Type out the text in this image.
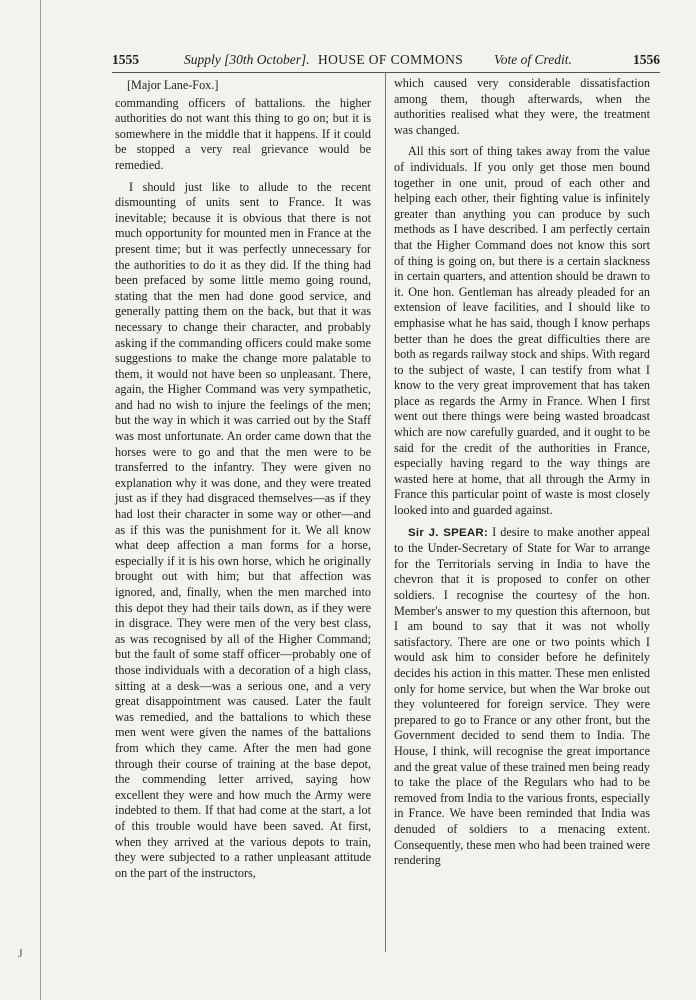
J
1555	Supply [30th October]. HOUSE OF COMMONS Vote of Credit.	1556
[Major Lane-Fox.]

commanding officers of battalions. the higher authorities do not want this thing to go on; but it is somewhere in the middle that it happens. If it could be stopped a very real grievance would be remedied.

I should just like to allude to the recent dismounting of units sent to France. It was inevitable; because it is obvious that there is not much opportunity for mounted men in France at the present time; but it was perfectly unnecessary for the authorities to do it as they did. If the thing had been prefaced by some little memo going round, stating that the men had done good service, and generally patting them on the back, but that it was necessary to change their character, and probably asking if the commanding officers could make some suggestions to make the change more palatable to them, it would not have been so unpleasant. There, again, the Higher Command was very sympathetic, and had no wish to injure the feelings of the men; but the way in which it was carried out by the Staff was most unfortunate. An order came down that the horses were to go and that the men were to be transferred to the infantry. They were given no explanation why it was done, and they were treated just as if they had disgraced themselves—as if they had lost their character in some way or other—and as if this was the punishment for it. We all know what deep affection a man forms for a horse, especially if it is his own horse, which he originally brought out with him; but that affection was ignored, and, finally, when the men marched into this depot they had their tails down, as if they were in disgrace. They were men of the very best class, as was recognised by all of the Higher Command; but the fault of some staff officer—probably one of those individuals with a decoration of a high class, sitting at a desk—was a serious one, and a very great disappointment was caused. Later the fault was remedied, and the battalions to which these men went were given the names of the battalions from which they came. After the men had gone through their course of training at the base depot, the commending letter arrived, saying how excellent they were and how much the Army were indebted to them. If that had come at the start, a lot of this trouble would have been saved. At first, when they arrived at the various depots to train, they were subjected to a rather unpleasant attitude on the part of the instructors,

which caused very considerable dissatisfaction among them, though afterwards, when the authorities realised what they were, the treatment was changed.

All this sort of thing takes away from the value of individuals. If you only get those men bound together in one unit, proud of each other and helping each other, their fighting value is infinitely greater than anything you can produce by such methods as I have described. I am perfectly certain that the Higher Command does not know this sort of thing is going on, but there is a certain slackness in certain quarters, and attention should be drawn to it. One hon. Gentleman has already pleaded for an extension of leave facilities, and I should like to emphasise what he has said, though I know perhaps better than he does the great difficulties there are both as regards railway stock and ships. With regard to the subject of waste, I can testify from what I know to the very great improvement that has taken place as regards the Army in France. When I first went out there things were being wasted broadcast which are now carefully guarded, and it ought to be said for the credit of the authorities in France, especially having regard to the way things are wasted here at home, that all through the Army in France this particular point of waste is most closely looked into and guarded against.

Sir J. SPEAR: I desire to make another appeal to the Under-Secretary of State for War to arrange for the Territorials serving in India to have the chevron that it is proposed to confer on other soldiers. I recognise the courtesy of the hon. Member's answer to my question this afternoon, but I am bound to say that it was not wholly satisfactory. There are one or two points which I would ask him to consider before he definitely decides his action in this matter. These men enlisted only for home service, but when the War broke out they volunteered for foreign service. They were prepared to go to France or any other front, but the Government decided to send them to India. The House, I think, will recognise the great importance and the great value of these trained men being ready to take the place of the Regulars who had to be removed from India to the various fronts, especially in France. We have been reminded that India was denuded of soldiers to a menacing extent. Consequently, these men who had been trained were rendering
